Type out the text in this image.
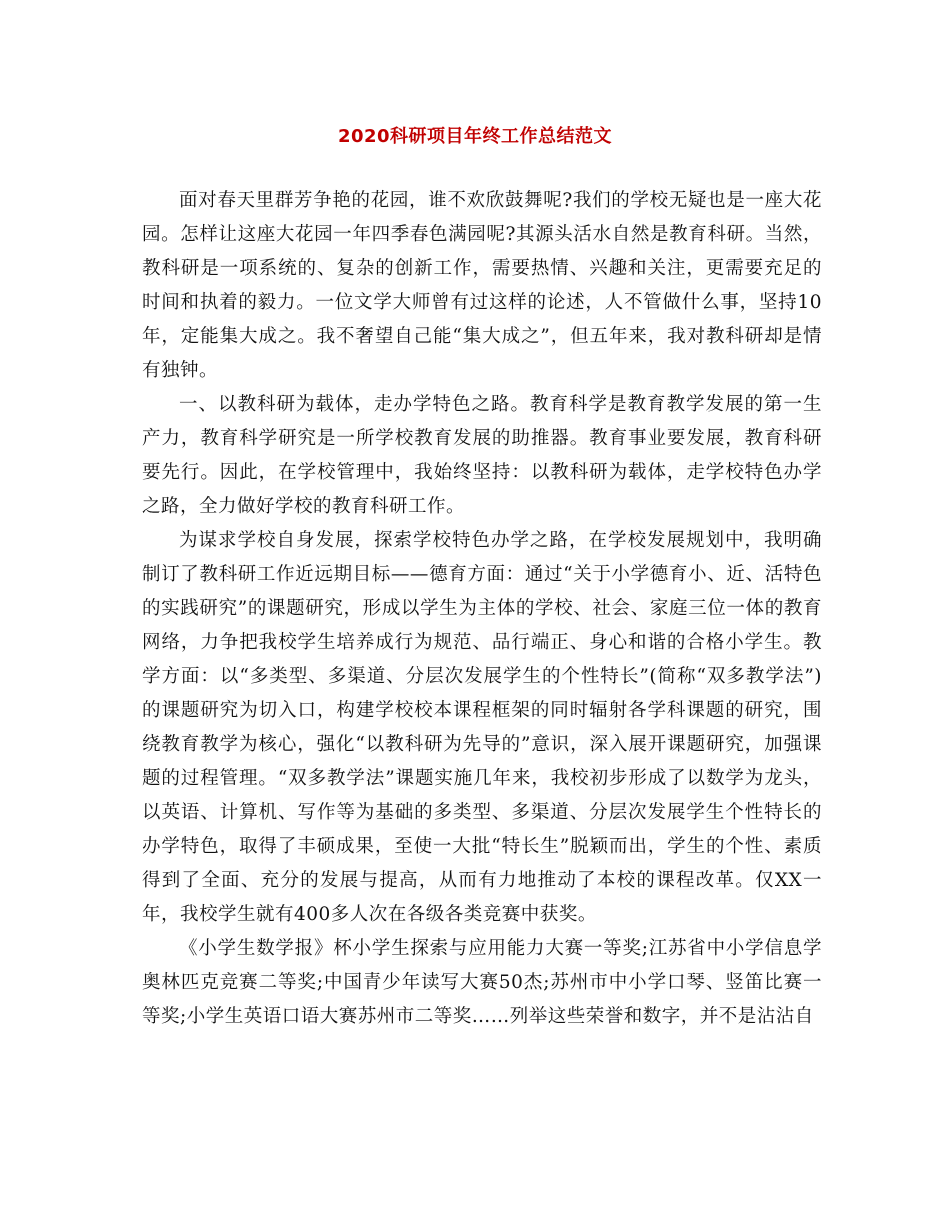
2020科研项目年终工作总结范文

面对春天里群芳争艳的花园，谁不欢欣鼓舞呢?我们的学校无疑也是一座大花园。怎样让这座大花园一年四季春色满园呢?其源头活水自然是教育科研。当然，教科研是一项系统的、复杂的创新工作，需要热情、兴趣和关注，更需要充足的时间和执着的毅力。一位文学大师曾有过这样的论述，人不管做什么事，坚持10年，定能集大成之。我不奢望自己能“集大成之”，但五年来，我对教科研却是情有独钟。

一、以教科研为载体，走办学特色之路。教育科学是教育教学发展的第一生产力，教育科学研究是一所学校教育发展的助推器。教育事业要发展，教育科研要先行。因此，在学校管理中，我始终坚持：以教科研为载体，走学校特色办学之路，全力做好学校的教育科研工作。

为谋求学校自身发展，探索学校特色办学之路，在学校发展规划中，我明确制订了教科研工作近远期目标——德育方面：通过“关于小学德育小、近、活特色的实践研究”的课题研究，形成以学生为主体的学校、社会、家庭三位一体的教育网络，力争把我校学生培养成行为规范、品行端正、身心和谐的合格小学生。教学方面：以“多类型、多渠道、分层次发展学生的个性特长”(简称“双多教学法”)的课题研究为切入口，构建学校校本课程框架的同时辐射各学科课题的研究，围绕教育教学为核心，强化“以教科研为先导的”意识，深入展开课题研究，加强课题的过程管理。“双多教学法”课题实施几年来，我校初步形成了以数学为龙头，以英语、计算机、写作等为基础的多类型、多渠道、分层次发展学生个性特长的办学特色，取得了丰硕成果，至使一大批“特长生”脱颖而出，学生的个性、素质得到了全面、充分的发展与提高，从而有力地推动了本校的课程改革。仅XX一年，我校学生就有400多人次在各级各类竞赛中获奖。

《小学生数学报》杯小学生探索与应用能力大赛一等奖;江苏省中小学信息学奥林匹克竞赛二等奖;中国青少年读写大赛50杰;苏州市中小学口琴、竖笛比赛一等奖;小学生英语口语大赛苏州市二等奖……列举这些荣誉和数字，并不是沾沾自
